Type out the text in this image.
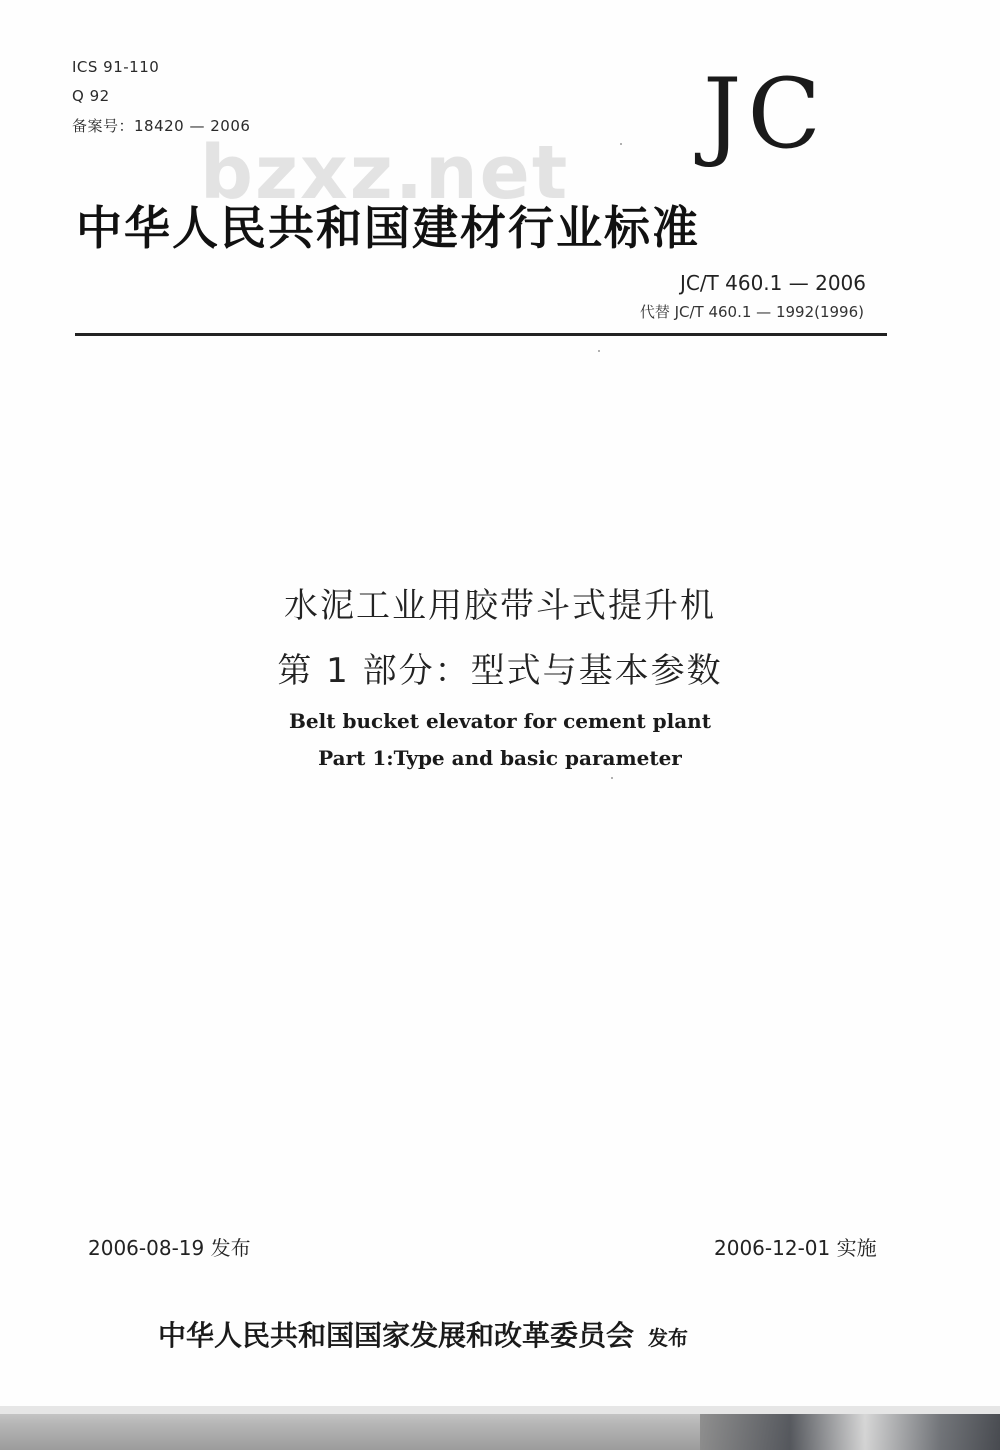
ICS 91-110
Q 92
备案号：18420 — 2006	JC
bzxz.net
中华人民共和国建材行业标准
JC/T 460.1 — 2006
代替 JC/T 460.1 — 1992(1996)
水泥工业用胶带斗式提升机
第 1 部分：型式与基本参数
Belt bucket elevator for cement plant
Part 1:Type and basic parameter
2006-08-19 发布	2006-12-01 实施
中华人民共和国国家发展和改革委员会 发布
